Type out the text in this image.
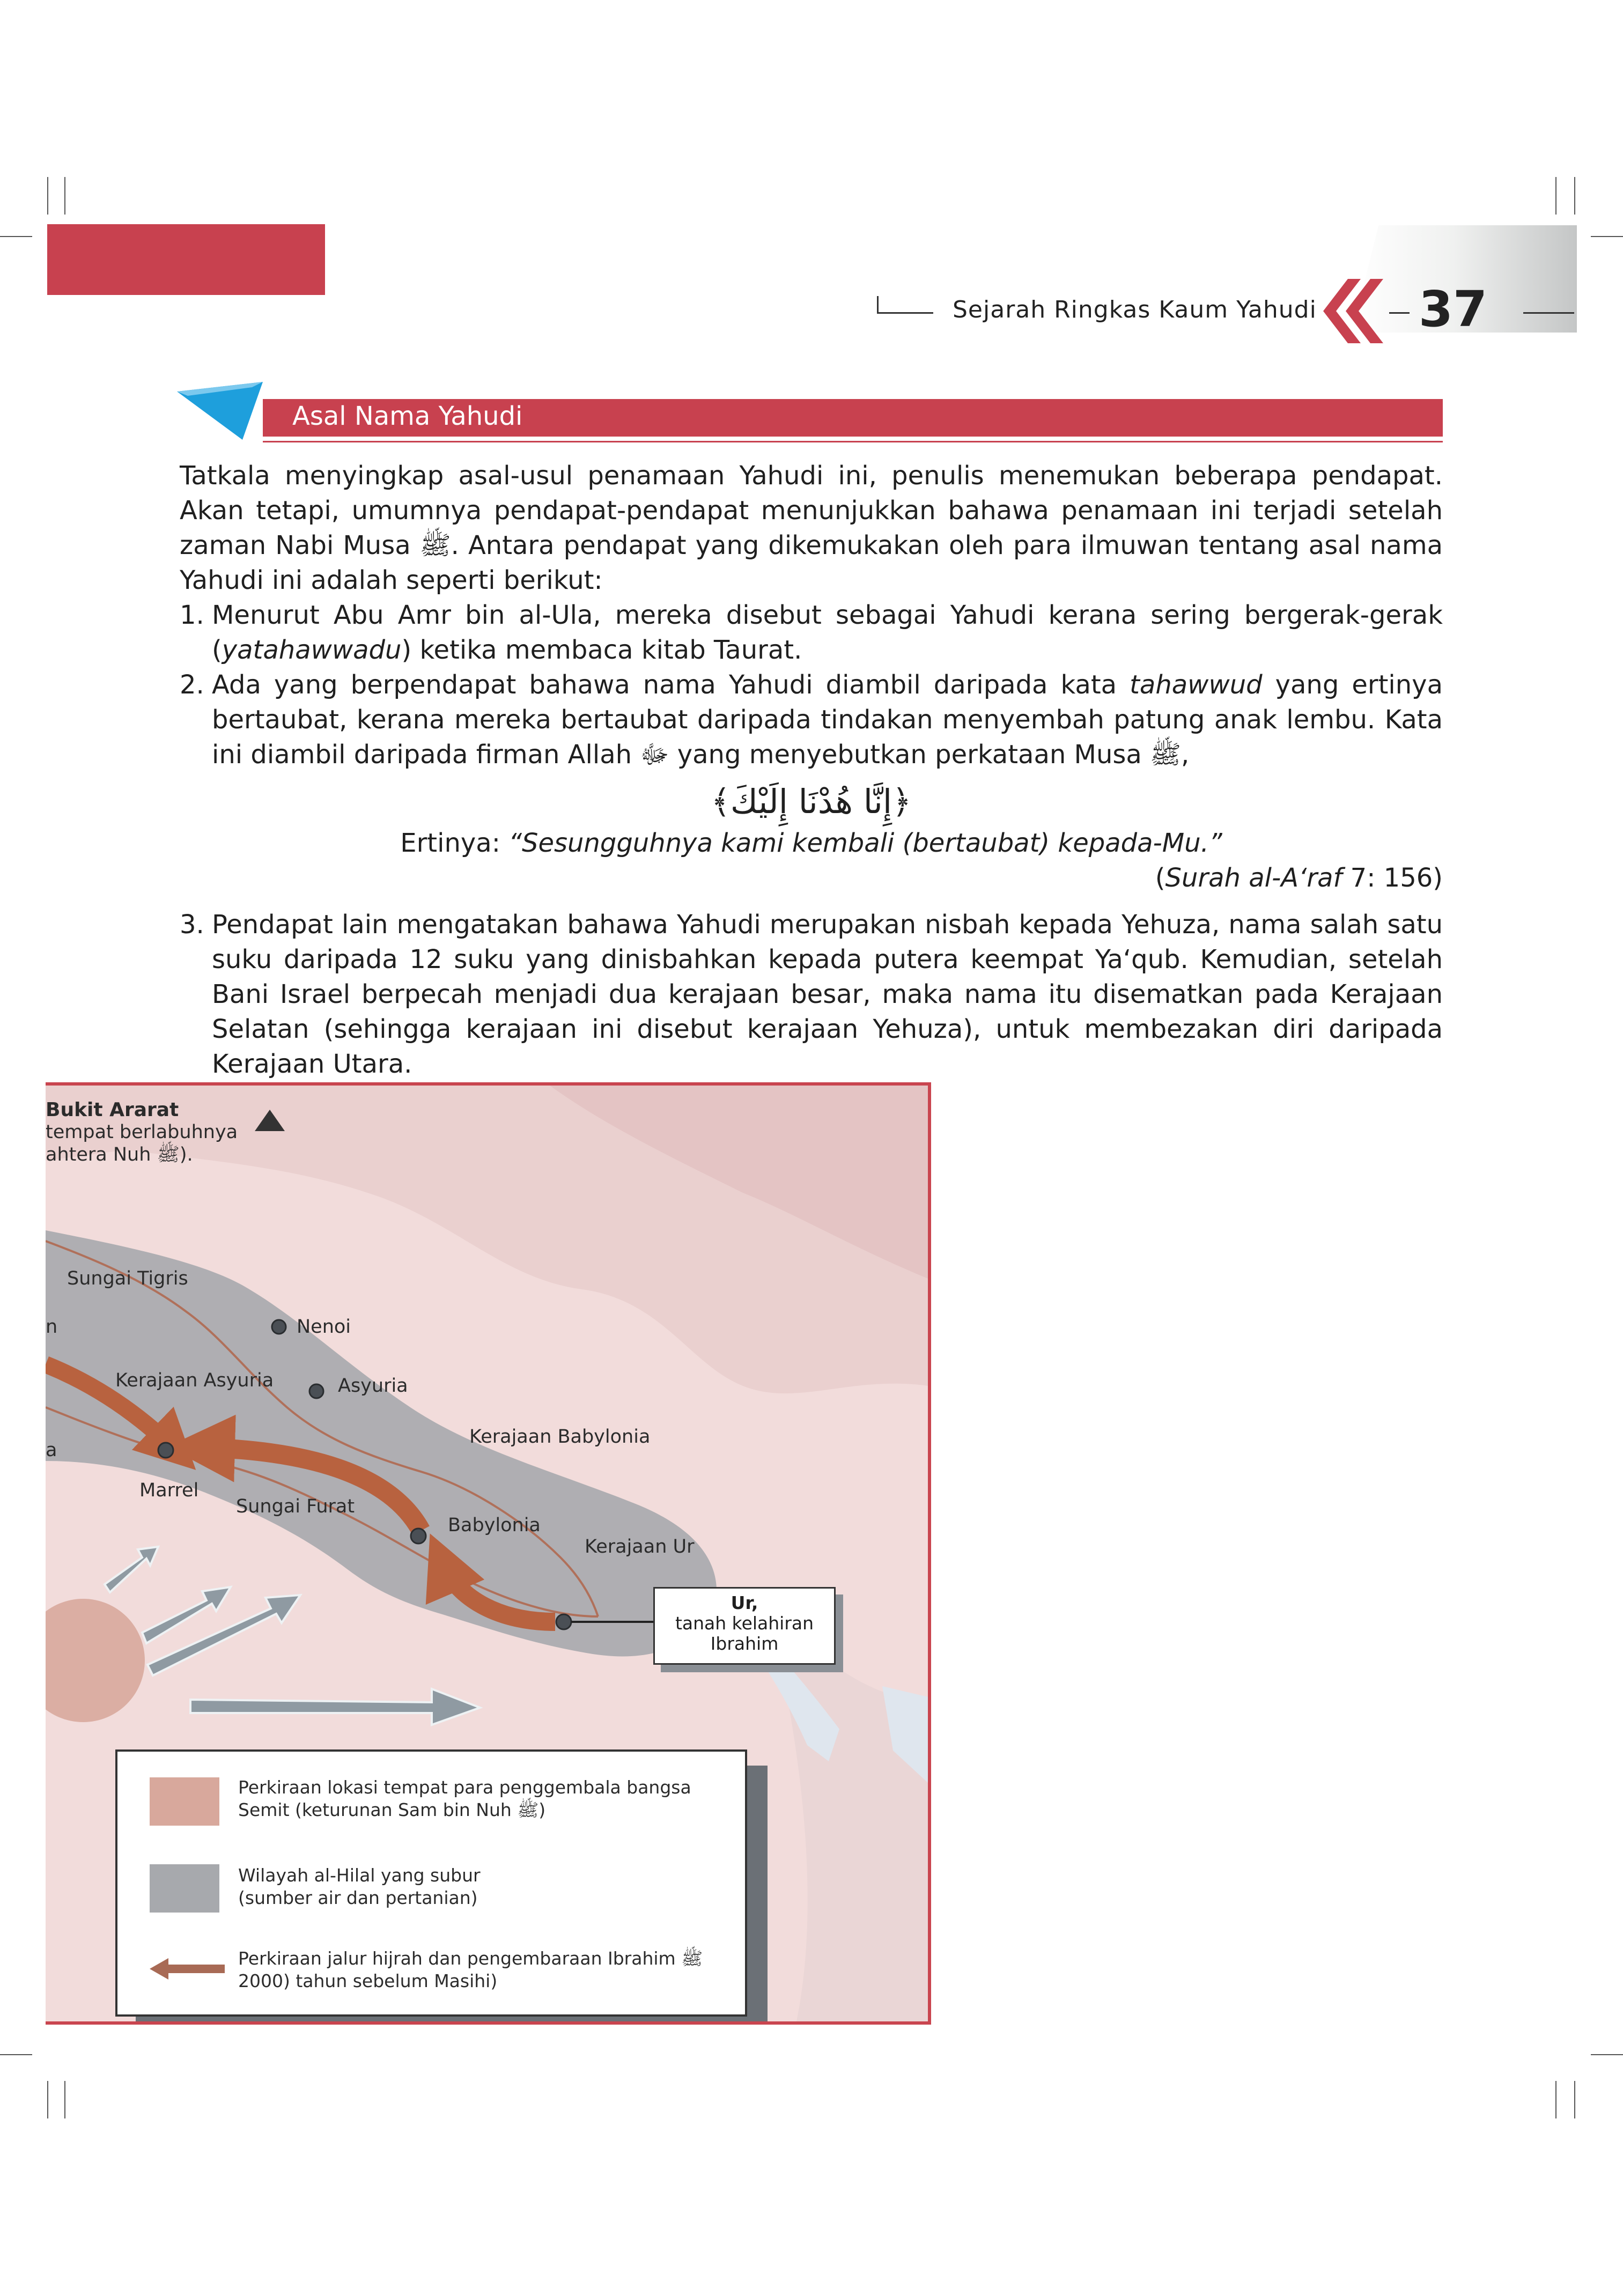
Sejarah Ringkas Kaum Yahudi 37
Asal Nama Yahudi

Tatkala menyingkap asal-usul penamaan Yahudi ini, penulis menemukan beberapa pendapat. Akan tetapi, umumnya pendapat-pendapat menunjukkan bahawa penamaan ini terjadi setelah zaman Nabi Musa ﷺ. Antara pendapat yang dikemukakan oleh para ilmuwan tentang asal nama Yahudi ini adalah seperti berikut:

1. Menurut Abu Amr bin al-Ula, mereka disebut sebagai Yahudi kerana sering bergerak-gerak (yatahawwadu) ketika membaca kitab Taurat.
2. Ada yang berpendapat bahawa nama Yahudi diambil daripada kata tahawwud yang ertinya bertaubat, kerana mereka bertaubat daripada tindakan menyembah patung anak lembu. Kata ini diambil daripada firman Allah ﷻ yang menyebutkan perkataan Musa ﷺ,
﴿إِنَّا هُدْنَا إِلَيْكَ﴾
Ertinya: “Sesungguhnya kami kembali (bertaubat) kepada-Mu.”
(Surah al-A‘raf 7: 156)
3. Pendapat lain mengatakan bahawa Yahudi merupakan nisbah kepada Yehuza, nama salah satu suku daripada 12 suku yang dinisbahkan kepada putera keempat Ya‘qub. Kemudian, setelah Bani Israel berpecah menjadi dua kerajaan besar, maka nama itu disematkan pada Kerajaan Selatan (sehingga kerajaan ini disebut kerajaan Yehuza), untuk membezakan diri daripada Kerajaan Utara.
Bukit Ararat
tempat berlabuhnya
ahtera Nuh ﷺ).
Sungai Tigris
n	Nenoi
Kerajaan Asyuria	Asyuria
Kerajaan Babylonia
a
Marrel
Sungai Furat
Babylonia
Kerajaan Ur
Ur,
tanah kelahiran
Ibrahim
Perkiraan lokasi tempat para penggembala bangsa
Semit (keturunan Sam bin Nuh ﷺ)
Wilayah al-Hilal yang subur
(sumber air dan pertanian)
Perkiraan jalur hijrah dan pengembaraan Ibrahim ﷺ
2000) tahun sebelum Masihi)
